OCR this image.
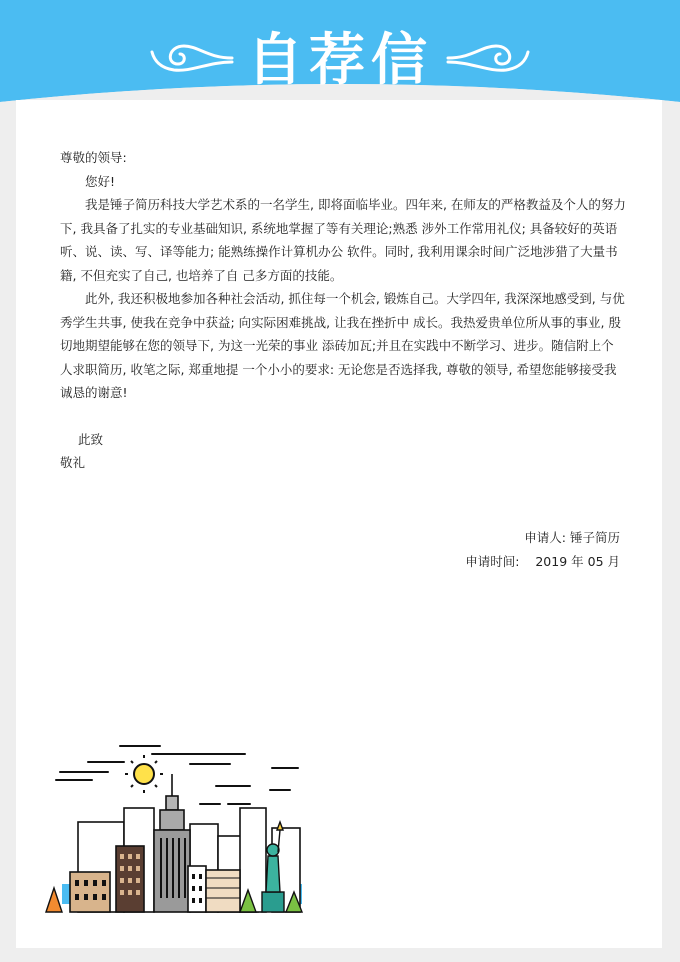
自荐信

尊敬的领导:

您好!

我是锤子简历科技大学艺术系的一名学生, 即将面临毕业。四年来, 在师友的严格教益及个人的努力下, 我具备了扎实的专业基础知识, 系统地掌握了等有关理论;熟悉 涉外工作常用礼仪; 具备较好的英语听、说、读、写、译等能力; 能熟练操作计算机办公 软件。同时, 我利用课余时间广泛地涉猎了大量书籍, 不但充实了自己, 也培养了自 己多方面的技能。

此外, 我还积极地参加各种社会活动, 抓住每一个机会, 锻炼自己。大学四年, 我深深地感受到, 与优秀学生共事, 使我在竞争中获益; 向实际困难挑战, 让我在挫折中 成长。我热爱贵单位所从事的事业, 殷切地期望能够在您的领导下, 为这一光荣的事业 添砖加瓦;并且在实践中不断学习、进步。随信附上个人求职简历, 收笔之际, 郑重地提 一个小小的要求: 无论您是否选择我, 尊敬的领导, 希望您能够接受我诚恳的谢意!

此致

敬礼

申请人: 锤子简历
申请时间: 2019 年 05 月
